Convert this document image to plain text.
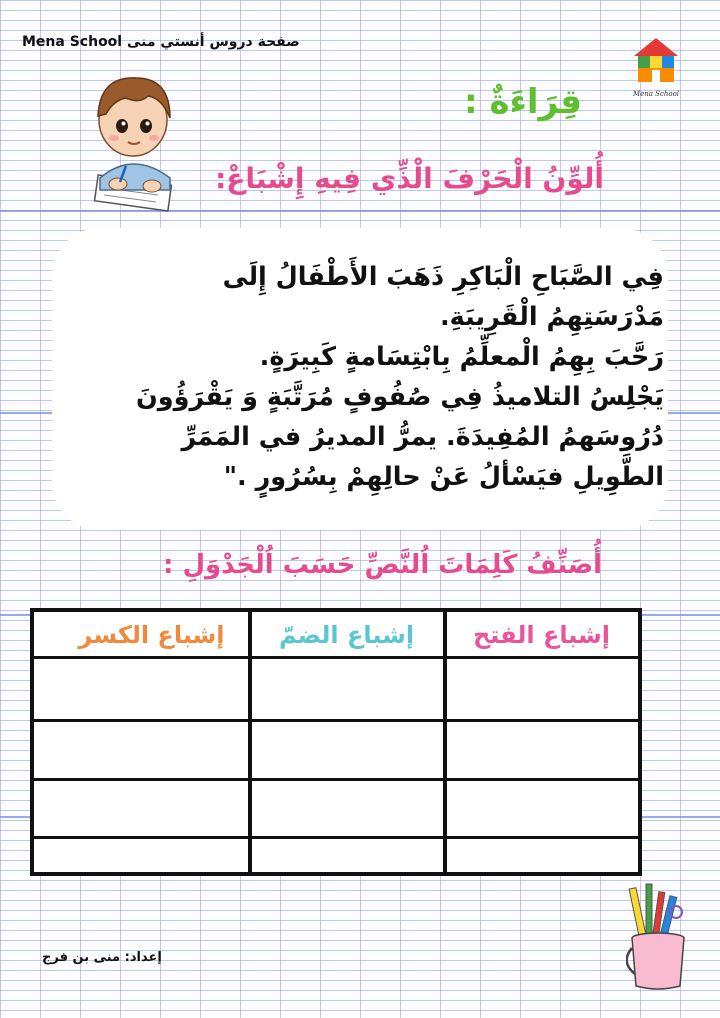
صفحة دروس أنستي منى Mena School
Mena School
قِرَاءَةٌ :
أُلوِّنُ الْحَرْفَ الْذِّي فِيهِ إِشْبَاعْ:
فِي الصَّبَاحِ الْبَاكِرِ ذَهَبَ الأَطْفَالُ إِلَى
مَدْرَسَتِهِمُ الْقَرِيبَةِ.
رَحَّبَ بِهِمُ الْمعلِّمُ بِابْتِسَامةٍ كَبِيرَةٍ.
يَجْلِسُ التلاميذُ فِي صُفُوفٍ مُرَتَّبَةٍ وَ يَقْرَؤُونَ
دُرُوسَهمُ المُفِيدَةَ. يمرُّ المديرُ في المَمَرِّ
الطَّوِيلِ فيَسْألُ عَنْ حالِهِمْ بِسُرُورٍ ."
أُصَنِّفُ كَلِمَاتَ اُلنَّصِّ حَسَبَ اُلْجَدْوَلِ :
إشباع الفتح
إشباع الضمّ
إشباع الكسر
إعداد: منى بن فرج
